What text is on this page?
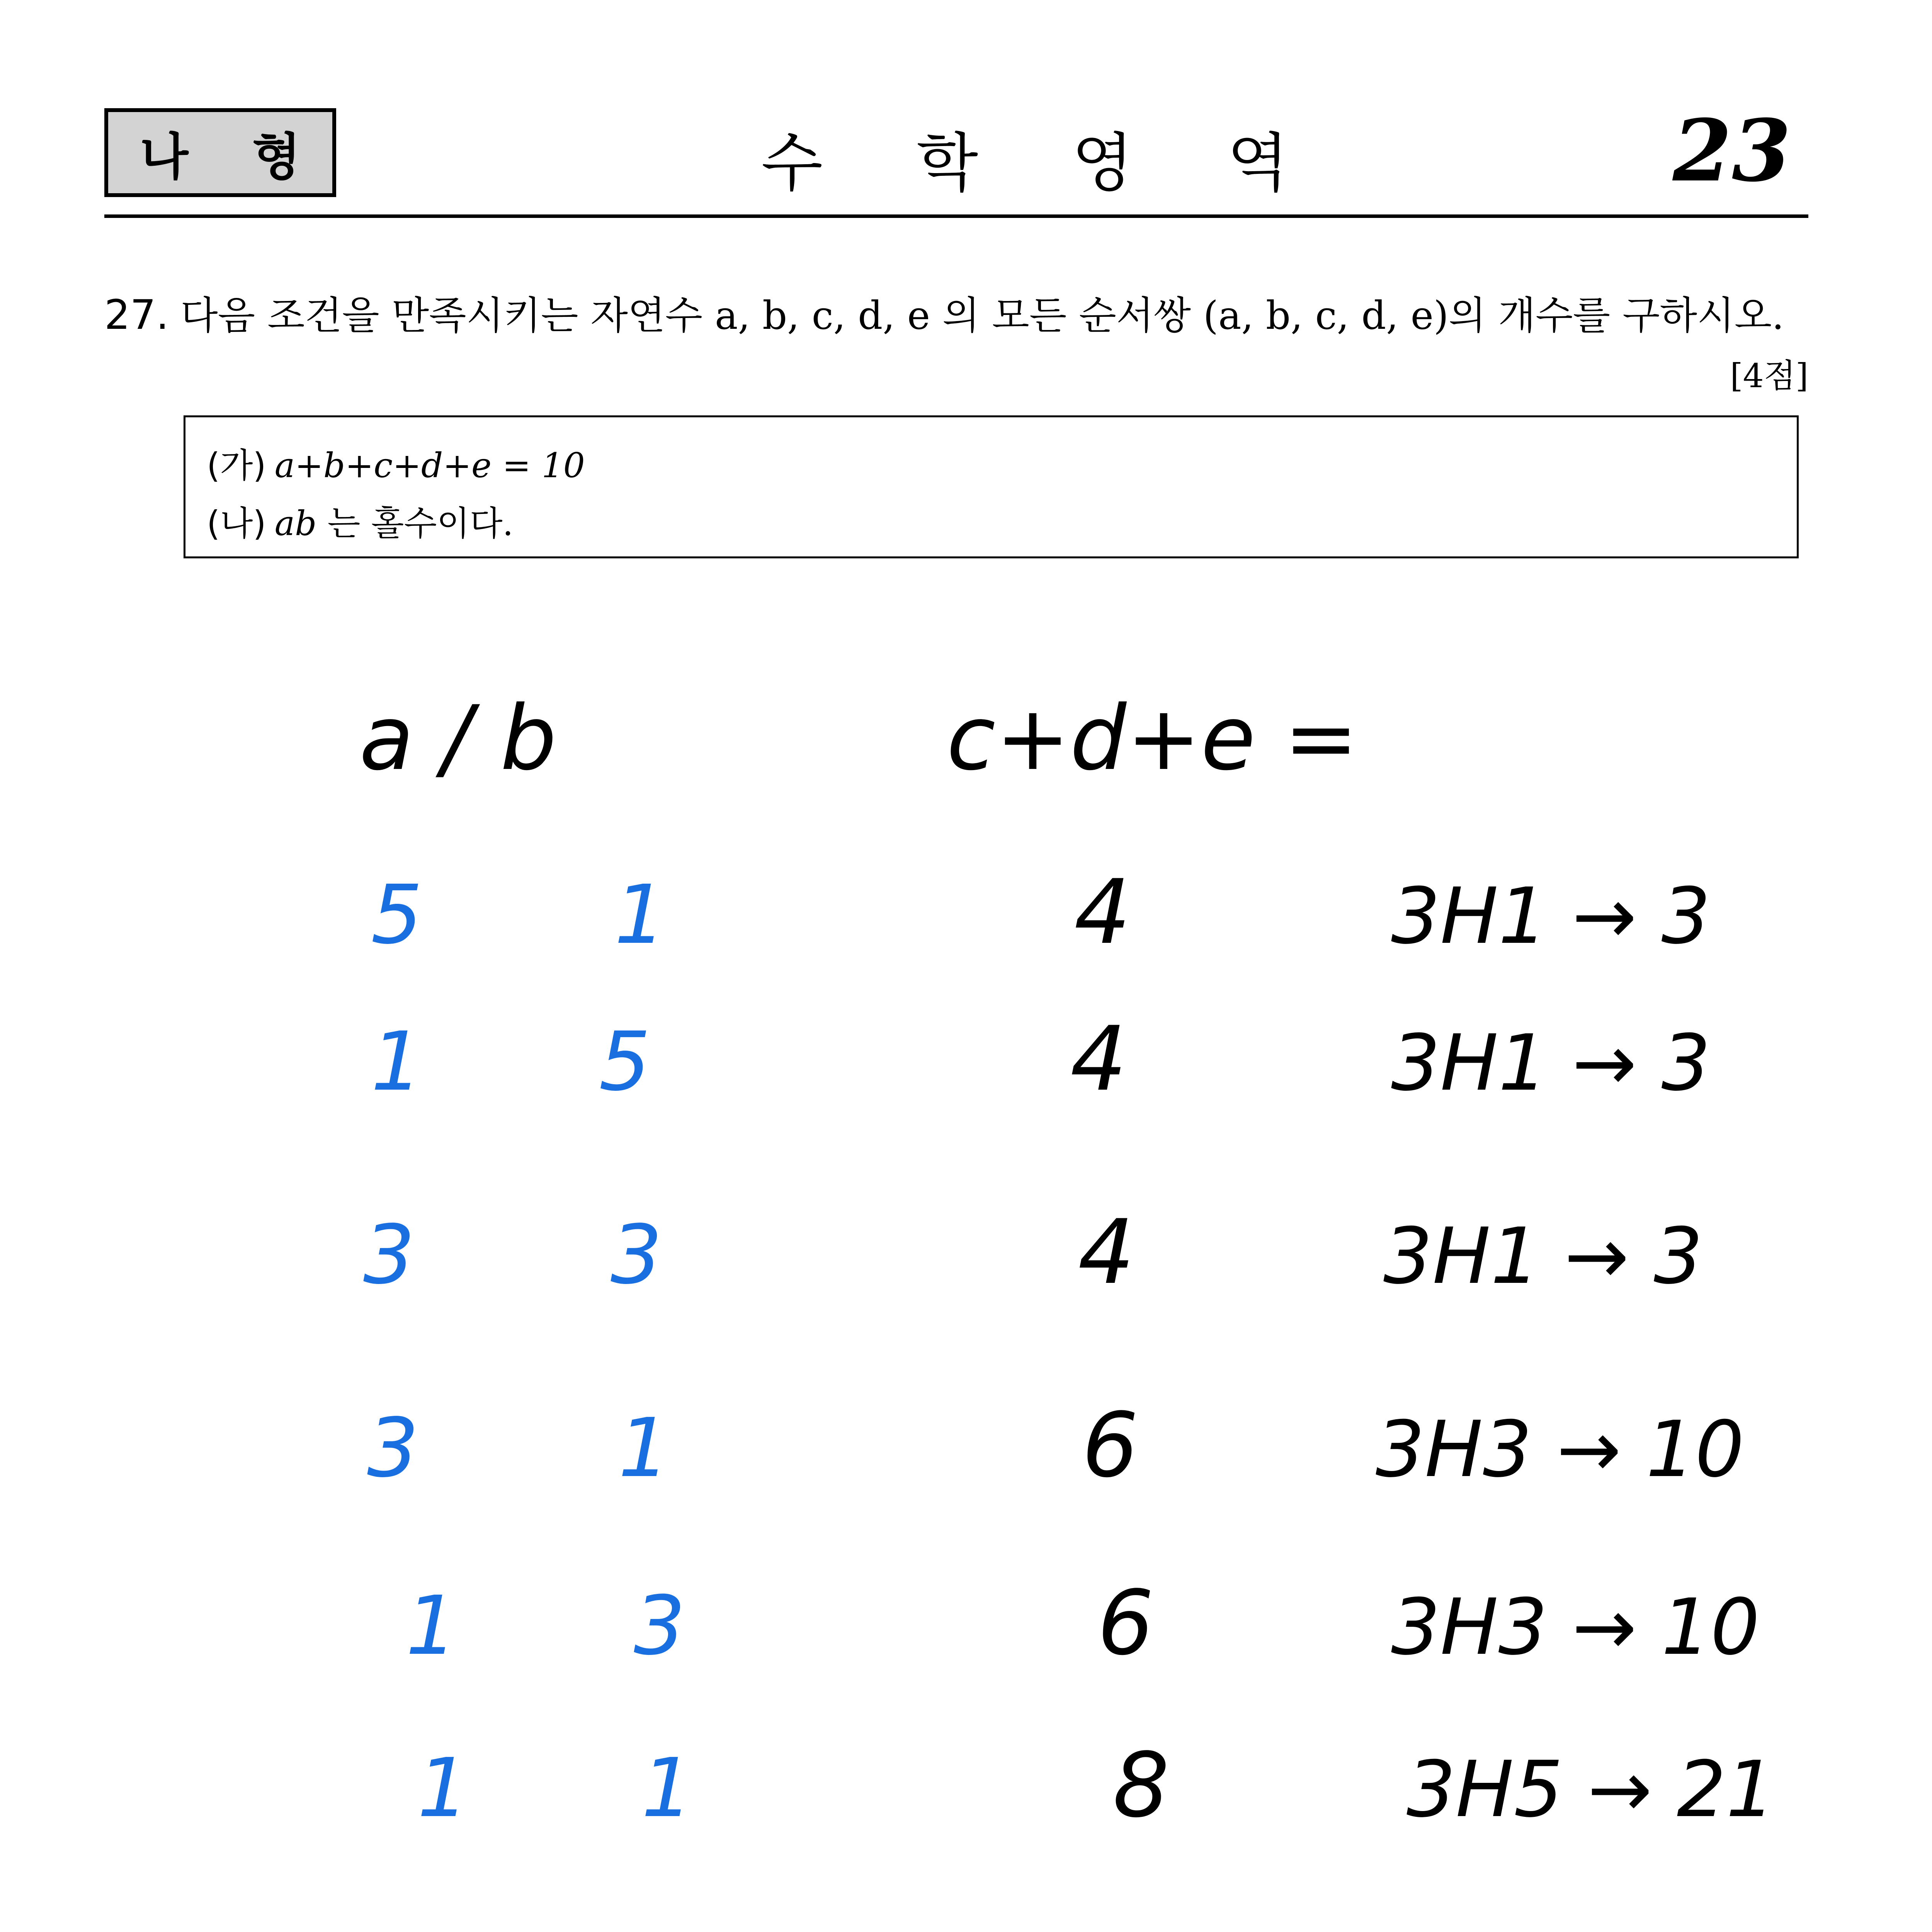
나 형	수 학 영 역	23
27. 다음 조건을 만족시키는 자연수 a, b, c, d, e 의 모든 순서쌍 (a, b, c, d, e)의 개수를 구하시오.
[4점]
(가) a+b+c+d+e = 10
(나) ab 는 홀수이다.
a / b	c+d+e =
5 1	4	3H1 → 3
1 5	4	3H1 → 3
3 3	4	3H1 → 3
3 1	6	3H3 → 10
1 3	6	3H3 → 10
1 1	8	3H5 → 21
